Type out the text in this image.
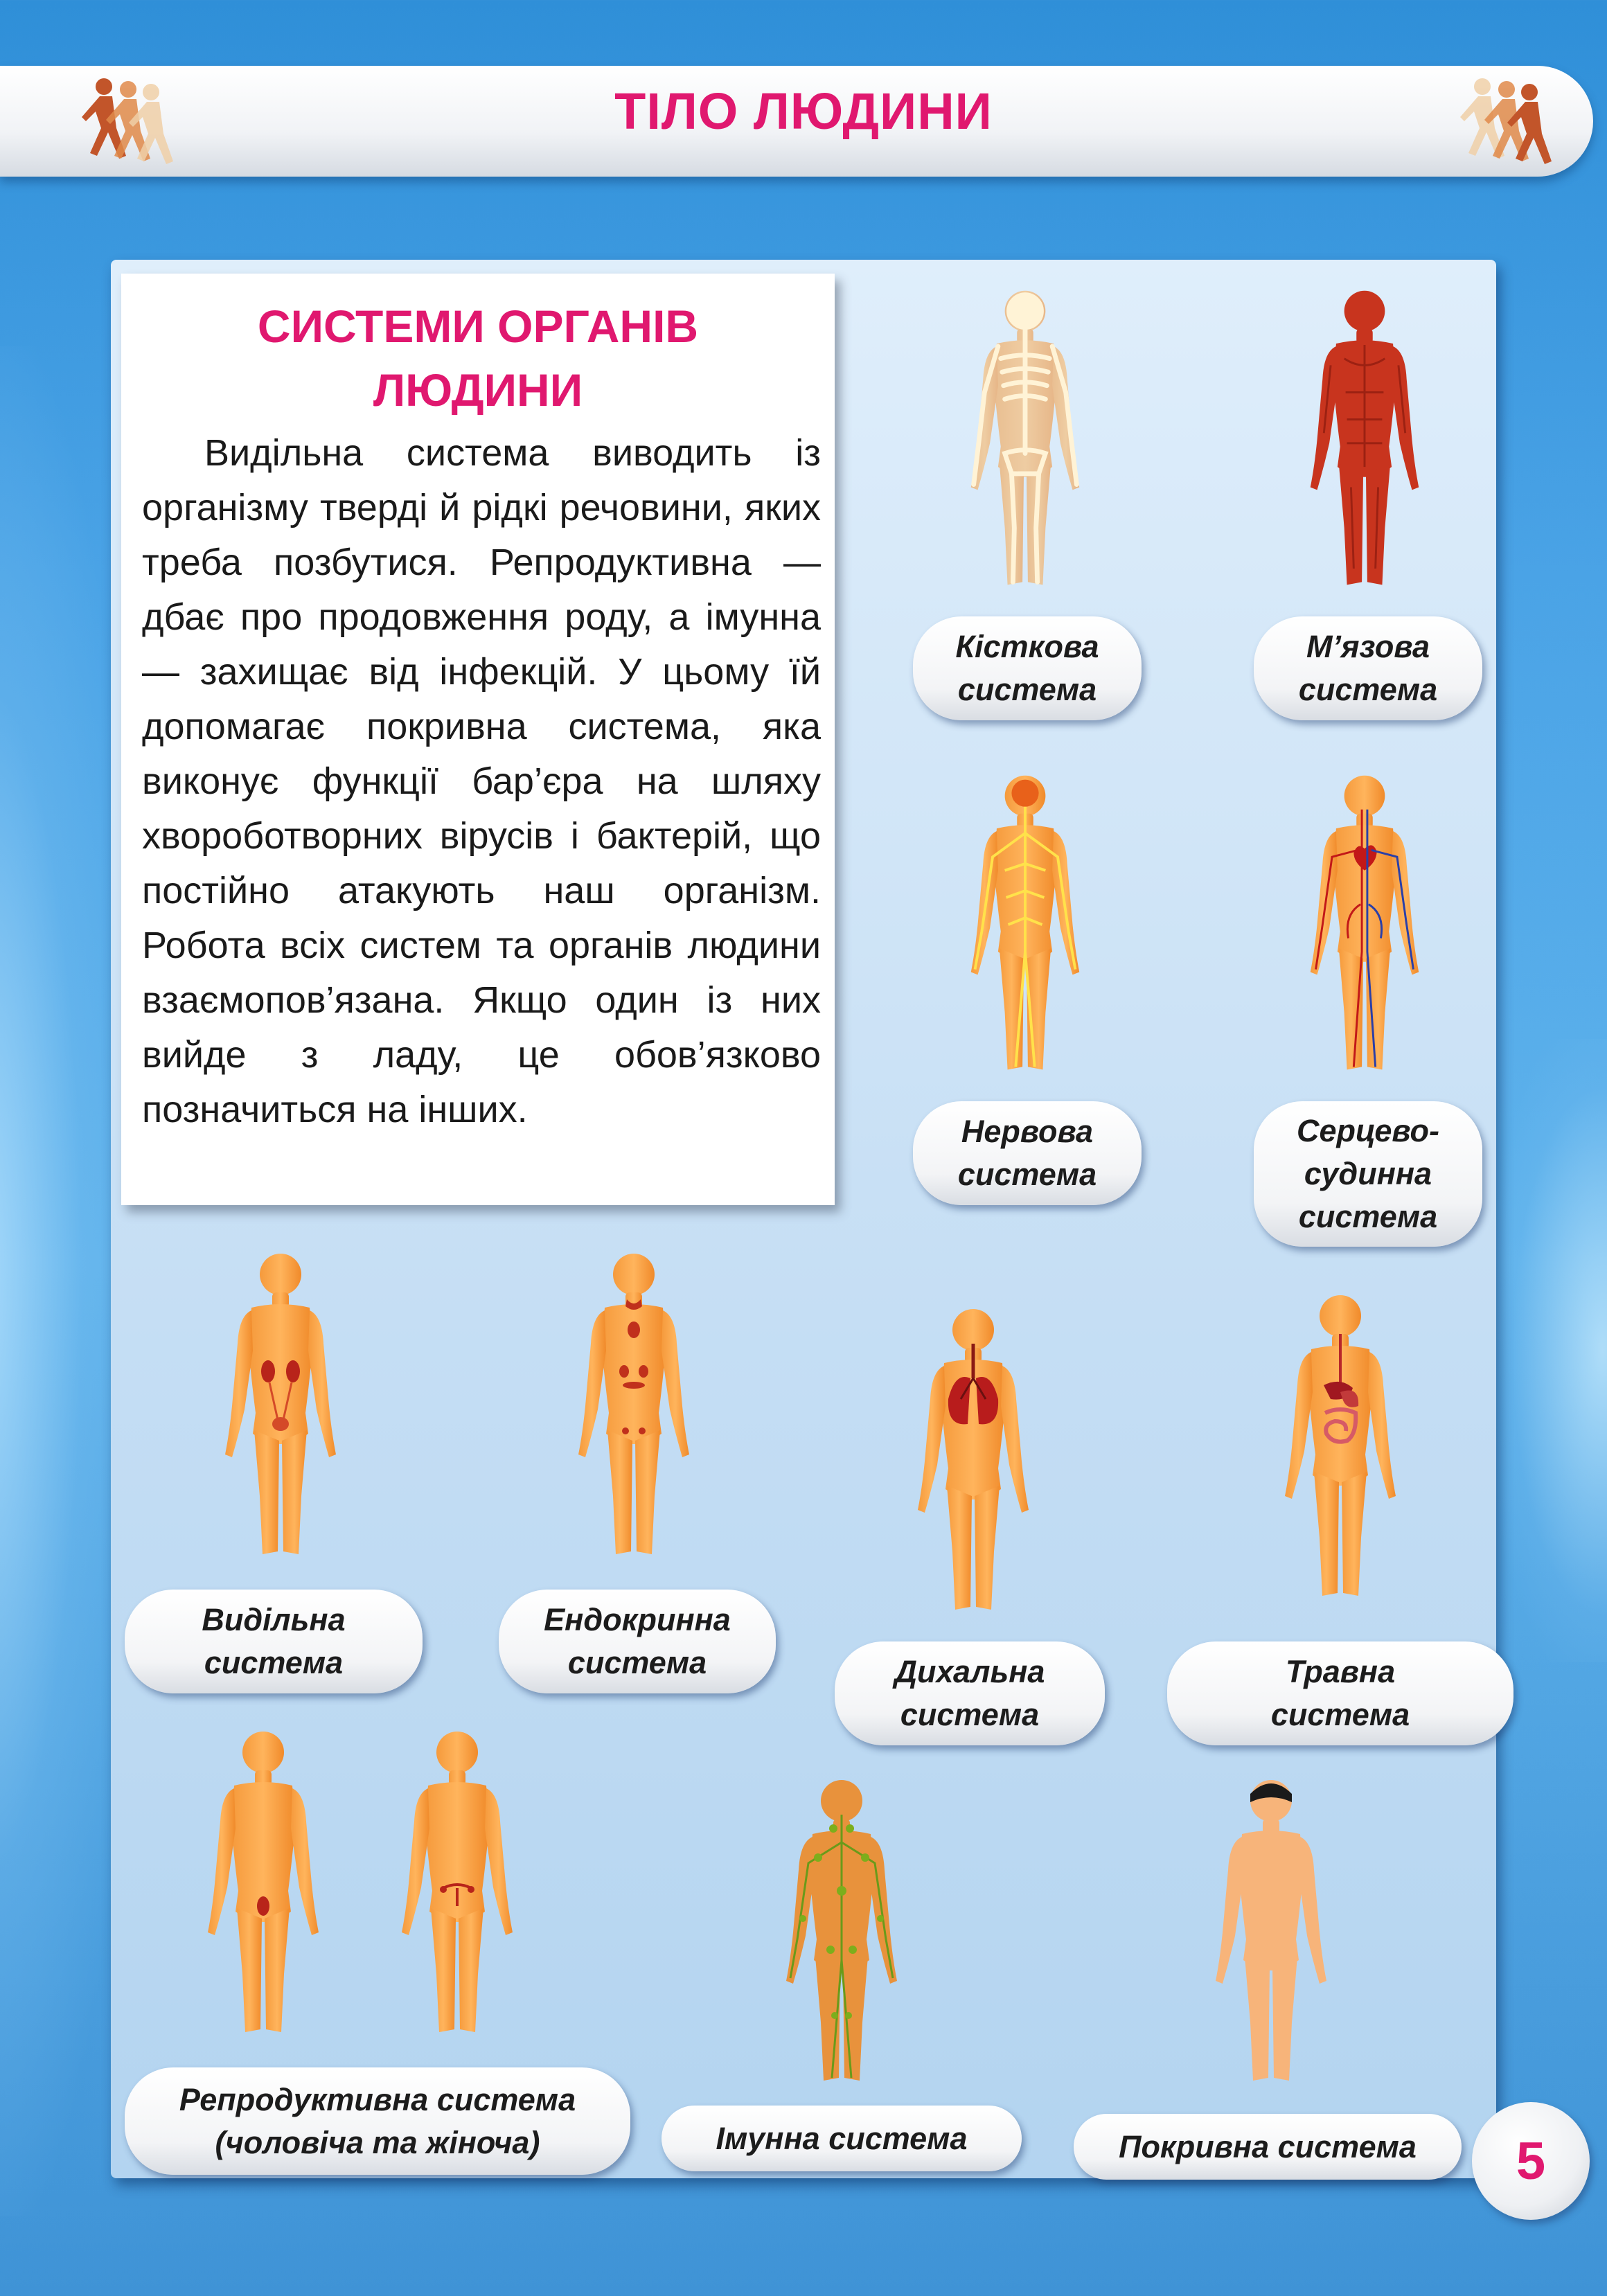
ТІЛО ЛЮДИНИ
СИСТЕМИ ОРГАНІВ
ЛЮДИНИ
Видільна система виводить із організму тверді й рідкі речовини, яких треба позбутися. Репродуктивна — дбає про продовження роду, а імунна — захищає від інфекцій. У цьому їй допомагає покривна система, яка виконує функції бар’єра на шляху хвороботворних вірусів і бактерій, що постійно атакують наш організм. Робота всіх систем та органів людини взаємопов’язана. Якщо один із них вийде з ладу, це обов’язково позначиться на інших.
Кісткова
система
М’язова
система
Нервова
система
Серцево-
судинна
система
Видільна
система
Ендокринна
система	Дихальна
система
Травна
система
Репродуктивна система
(чоловіча та жіноча)	Імунна система	Покривна система	5
